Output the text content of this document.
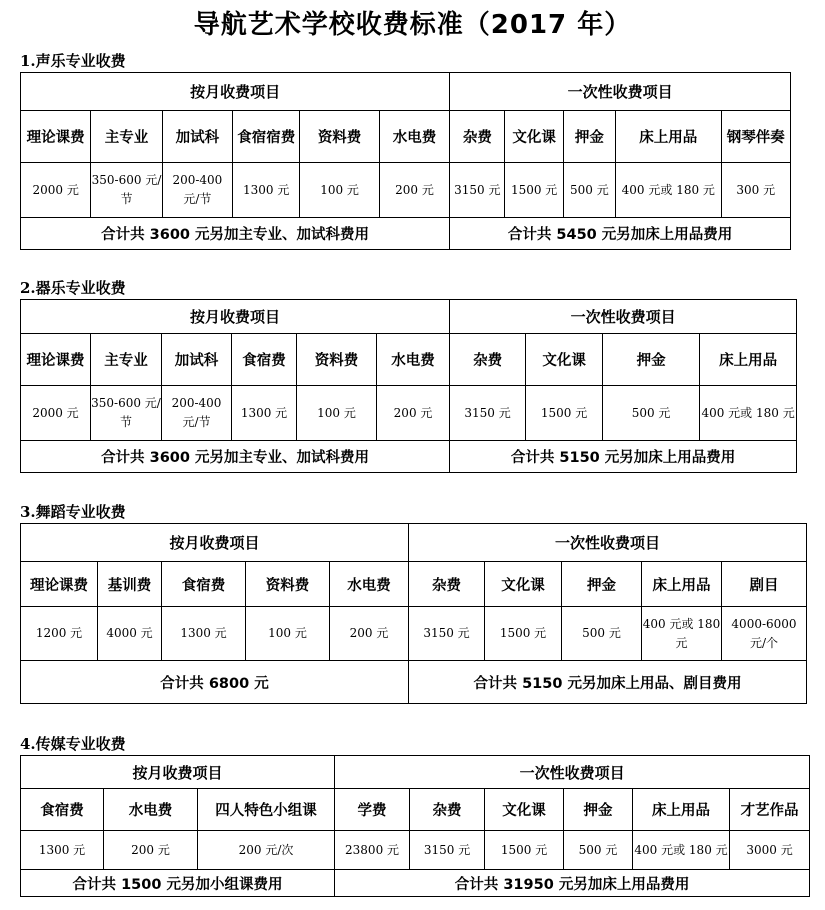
导航艺术学校收费标准（2017 年）
1.声乐专业收费
按月收费项目						一次性收费项目				
理论课费	主专业	加试科	食宿宿费	资料费	水电费	杂费	文化课	押金	床上用品	钢琴伴奏
2000 元	350-600 元/节	200-400 元/节	1300 元	100 元	200 元	3150 元	1500 元	500 元	400 元或 180 元	300 元
合计共 3600 元另加主专业、加试科费用						合计共 5450 元另加床上用品费用				
2.器乐专业收费
按月收费项目						一次性收费项目			
理论课费	主专业	加试科	食宿费	资料费	水电费	杂费	文化课	押金	床上用品
2000 元	350-600 元/节	200-400 元/节	1300 元	100 元	200 元	3150 元	1500 元	500 元	400 元或 180 元
合计共 3600 元另加主专业、加试科费用						合计共 5150 元另加床上用品费用			
3.舞蹈专业收费
按月收费项目					一次性收费项目				
理论课费	基训费	食宿费	资料费	水电费	杂费	文化课	押金	床上用品	剧目
1200 元	4000 元	1300 元	100 元	200 元	3150 元	1500 元	500 元	400 元或 180 元	4000-6000 元/个
合计共 6800 元					合计共 5150 元另加床上用品、剧目费用				
4.传媒专业收费
按月收费项目			一次性收费项目					
食宿费	水电费	四人特色小组课	学费	杂费	文化课	押金	床上用品	才艺作品
1300 元	200 元	200 元/次	23800 元	3150 元	1500 元	500 元	400 元或 180 元	3000 元
合计共 1500 元另加小组课费用			合计共 31950 元另加床上用品费用					
